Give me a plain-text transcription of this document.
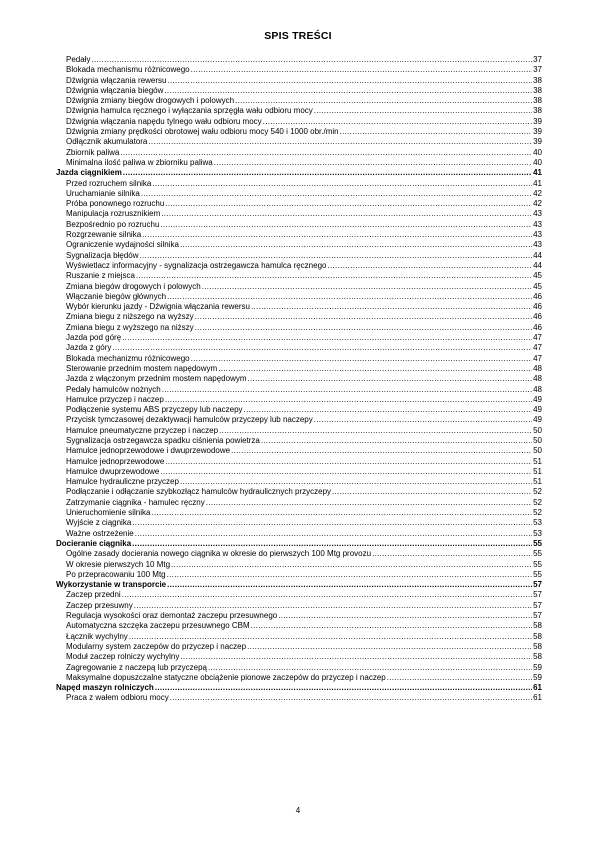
SPIS TREŚCI
Pedały .....	37
Blokada mechanismu różnicowego .....	37
Dźwignia włączania rewersu .....	38
Dźwignia włączania biegów .....	38
Dźwignia zmiany biegów drogowych i polowych .....	38
Dźwignia hamulca ręcznego i wyłączania sprzęgła wału odbioru mocy .....	38
Dźwignia włączania napędu tylnego wału odbioru mocy .....	39
Dźwignia zmiany prędkości obrotowej wału odbioru mocy 540 i 1000 obr./min .....	39
Odłącznik akumulatora .....	39
Zbiornik paliwa .....	40
Minimalna ilość paliwa w zbiorniku paliwa .....	40
Jazda ciągnikiem .....	41
Przed rozruchem silnika .....	41
Uruchamianie silnika .....	42
Próba ponownego rozruchu .....	42
Manipulacja rozrusznikiem .....	43
Bezpośrednio po rozruchu .....	43
Rozgrzewanie silnika .....	43
Ograniczenie wydajności silnika .....	43
Sygnalizacja błędów .....	44
Wyświetlacz informacyjny - sygnalizacja ostrzegawcza hamulca ręcznego .....	44
Ruszanie z miejsca .....	45
Zmiana biegów drogowych i polowych .....	45
Włączanie biegów głównych .....	46
Wybór kierunku jazdy - Dźwignia włączania rewersu .....	46
Zmiana biegu z niższego na wyższy .....	46
Zmiana biegu z wyższego na niższy .....	46
Jazda pod górę .....	47
Jazda z góry .....	47
Blokada mechanizmu różnicowego .....	47
Sterowanie przednim mostem napędowym .....	48
Jazda z włączonym przednim mostem napędowym .....	48
Pedały hamulców nożnych .....	48
Hamulce przyczep i naczep .....	49
Podłączenie systemu ABS przyczepy lub naczepy .....	49
Przycisk tymczasowej dezaktywacji hamulców przyczepy lub naczepy .....	49
Hamulce pneumatyczne przyczep i naczep .....	50
Sygnalizacja ostrzegawcza spadku ciśnienia powietrza .....	50
Hamulce jednoprzewodowe i dwuprzewodowe .....	50
Hamulce jednoprzewodowe .....	51
Hamulce dwuprzewodowe .....	51
Hamulce hydrauliczne przyczep .....	51
Podłączanie i odłączanie szybkozłącz hamulców hydraulicznych przyczepy .....	52
Zatrzymanie ciągnika - hamulec ręczny .....	52
Unieruchomienie silnika .....	52
Wyjście z ciągnika .....	53
Ważne ostrzeżenie .....	53
Docieranie ciągnika .....	55
Ogólne zasady docierania nowego ciągnika w okresie do pierwszych 100 Mtg provozu .....	55
W okresie pierwszych 10 Mtg .....	55
Po przepracowaniu 100 Mtg .....	55
Wykorzystanie w transporcie .....	57
Zaczep przedni .....	57
Zaczep przesuwny .....	57
Regulacja wysokości oraz demontaż zaczepu przesuwnego .....	57
Automatyczna szczęka zaczepu przesuwnego CBM .....	58
Łącznik wychylny .....	58
Modularny system zaczepów do przyczep i naczep .....	58
Moduł zaczep rolniczy wychylny .....	58
Zagregowanie z naczepą lub przyczepą .....	59
Maksymalne dopuszczalne statyczne obciążenie pionowe zaczepów do przyczep i naczep .....	59
Napęd maszyn rolniczych .....	61
Praca z wałem odbioru mocy .....	61
4
